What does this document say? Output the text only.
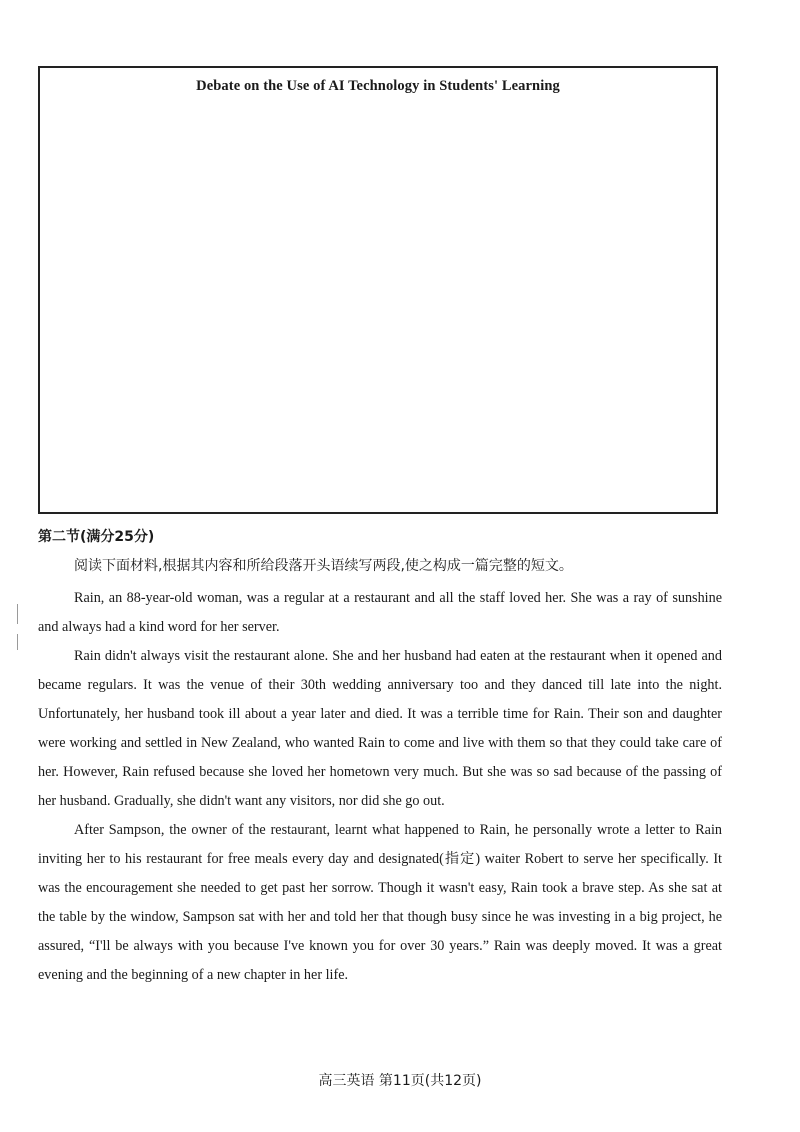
Debate on the Use of AI Technology in Students' Learning
第二节(满分25分)
阅读下面材料,根据其内容和所给段落开头语续写两段,使之构成一篇完整的短文。

Rain, an 88-year-old woman, was a regular at a restaurant and all the staff loved her. She was a ray of sunshine and always had a kind word for her server.

Rain didn't always visit the restaurant alone. She and her husband had eaten at the restaurant when it opened and became regulars. It was the venue of their 30th wedding anniversary too and they danced till late into the night. Unfortunately, her husband took ill about a year later and died. It was a terrible time for Rain. Their son and daughter were working and settled in New Zealand, who wanted Rain to come and live with them so that they could take care of her. However, Rain refused because she loved her hometown very much. But she was so sad because of the passing of her husband. Gradually, she didn't want any visitors, nor did she go out.

After Sampson, the owner of the restaurant, learnt what happened to Rain, he personally wrote a letter to Rain inviting her to his restaurant for free meals every day and designated(指定) waiter Robert to serve her specifically. It was the encouragement she needed to get past her sorrow. Though it wasn't easy, Rain took a brave step. As she sat at the table by the window, Sampson sat with her and told her that though busy since he was investing in a big project, he assured, “I'll be always with you because I've known you for over 30 years.” Rain was deeply moved. It was a great evening and the beginning of a new chapter in her life.

高三英语 第11页(共12页)
